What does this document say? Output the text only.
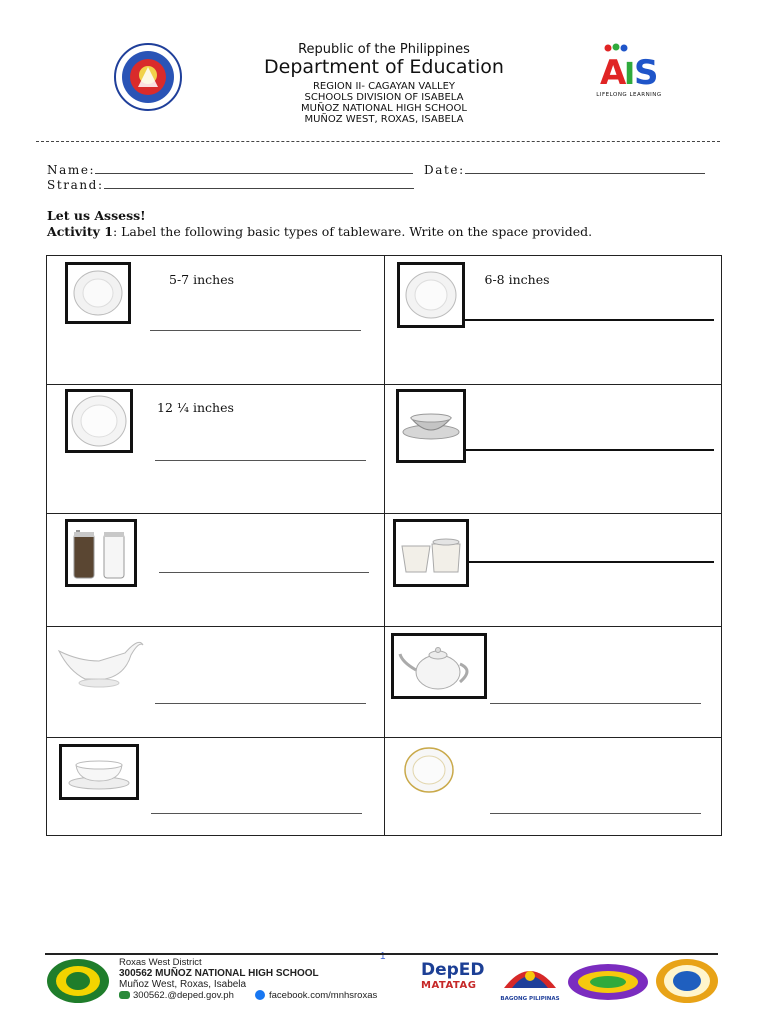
Republic of the Philippines
Department of Education
REGION II- CAGAYAN VALLEY
SCHOOLS DIVISION OF ISABELA
MUÑOZ NATIONAL HIGH SCHOOL
MUÑOZ WEST, ROXAS, ISABELA
A
I
S
LIFELONG LEARNING
Name:	Date:
Strand:
Let us Assess!
Activity 1: Label the following basic types of tableware. Write on the space provided.
5-7 inches	6-8 inches

12 ¼ inches

1
Roxas West District
300562 MUÑOZ NATIONAL HIGH SCHOOL
Muñoz West, Roxas, Isabela
300562.@deped.gov.ph	facebook.com/mnhsroxas
DepED
MATATAG
BAGONG PILIPINAS
